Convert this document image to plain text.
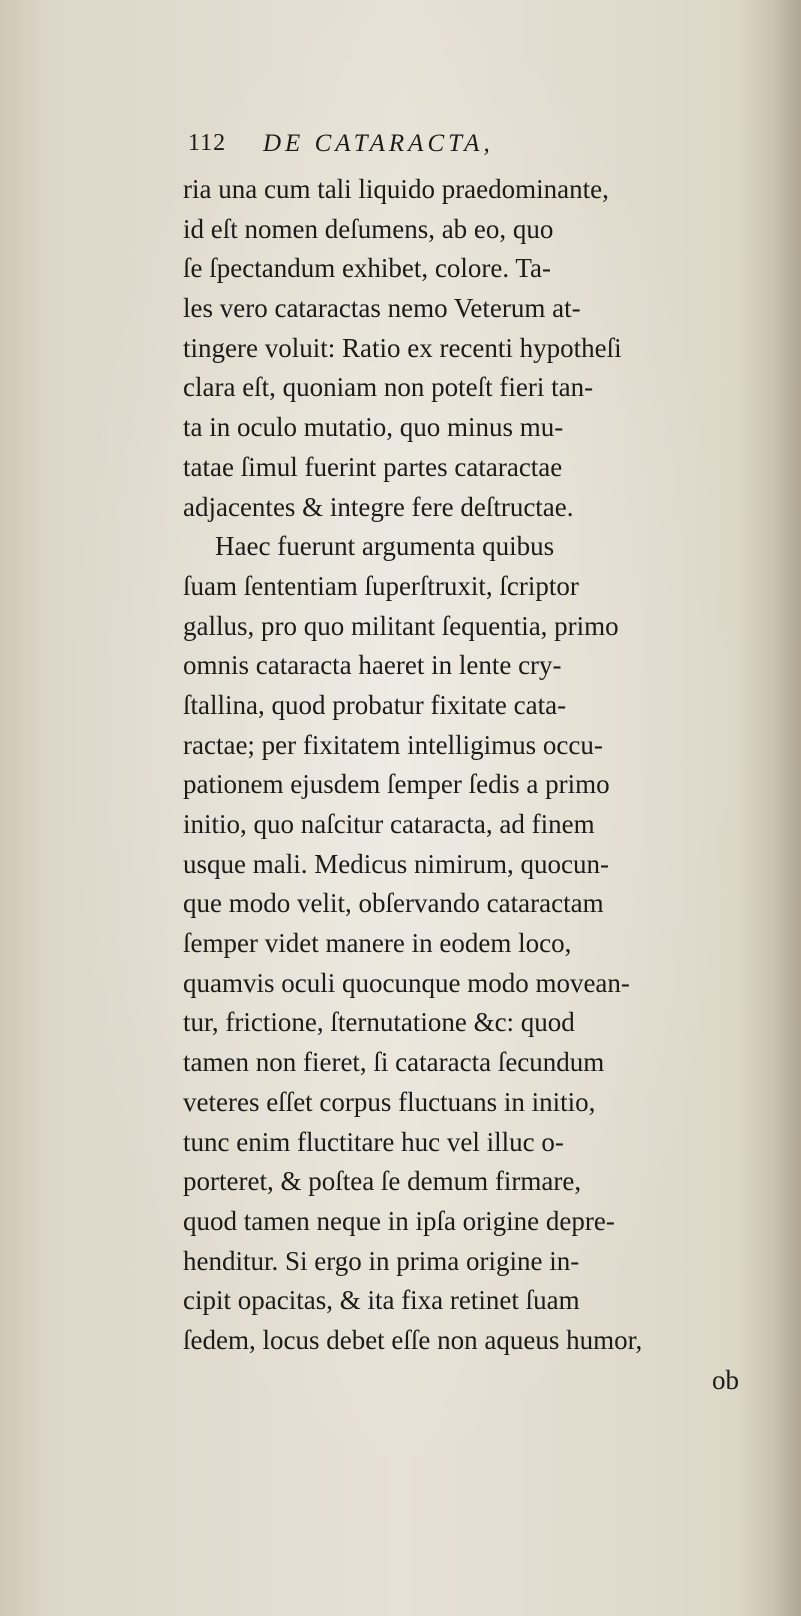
112 DE CATARACTA,
ria una cum tali liquido praedominante,
id eſt nomen deſumens, ab eo, quo
ſe ſpectandum exhibet, colore. Ta-
les vero cataractas nemo Veterum at-
tingere voluit: Ratio ex recenti hypotheſi
clara eſt, quoniam non poteſt fieri tan-
ta in oculo mutatio, quo minus mu-
tatae ſimul fuerint partes cataractae
adjacentes & integre fere deſtructae.
Haec fuerunt argumenta quibus
ſuam ſententiam ſuperſtruxit, ſcriptor
gallus, pro quo militant ſequentia, primo
omnis cataracta haeret in lente cry-
ſtallina, quod probatur fixitate cata-
ractae; per fixitatem intelligimus occu-
pationem ejusdem ſemper ſedis a primo
initio, quo naſcitur cataracta, ad finem
usque mali. Medicus nimirum, quocun-
que modo velit, obſervando cataractam
ſemper videt manere in eodem loco,
quamvis oculi quocunque modo movean-
tur, frictione, ſternutatione &c: quod
tamen non fieret, ſi cataracta ſecundum
veteres eſſet corpus fluctuans in initio,
tunc enim fluctitare huc vel illuc o-
porteret, & poſtea ſe demum firmare,
quod tamen neque in ipſa origine depre-
henditur. Si ergo in prima origine in-
cipit opacitas, & ita fixa retinet ſuam
ſedem, locus debet eſſe non aqueus humor,
ob
